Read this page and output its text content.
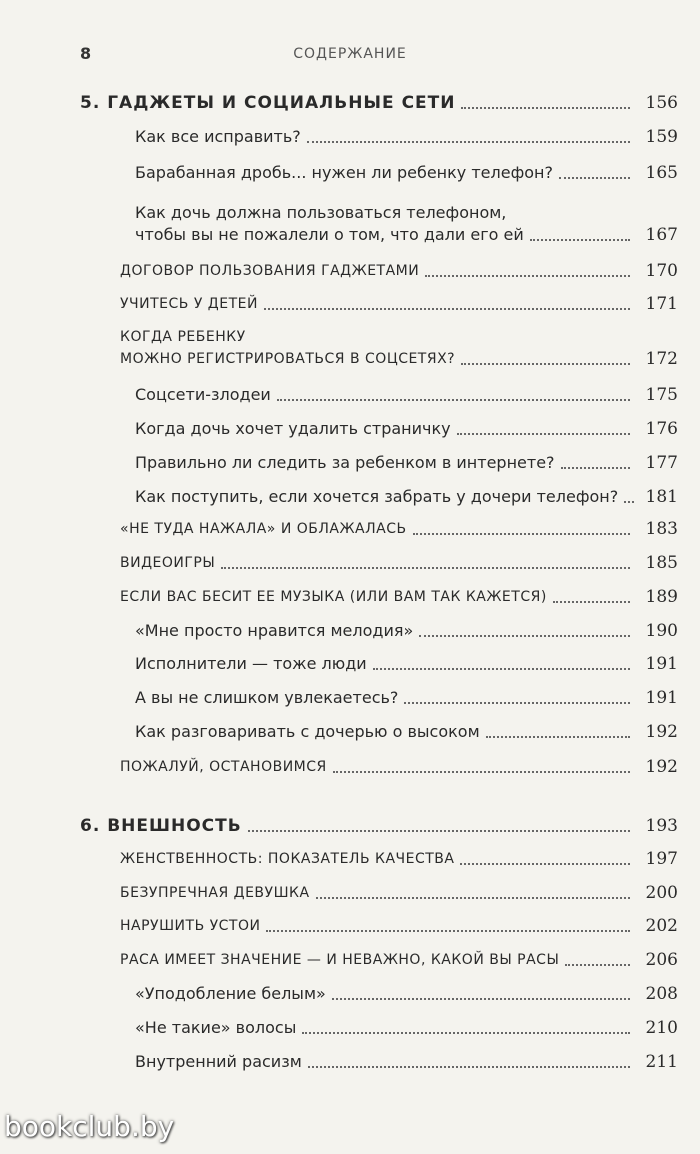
8	СОДЕРЖАНИЕ
5. ГАДЖЕТЫ И СОЦИАЛЬНЫЕ СЕТИ	156
Как все исправить?	159
Барабанная дробь... нужен ли ребенку телефон?	165
Как дочь должна пользоваться телефоном,
чтобы вы не пожалели о том, что дали его ей	167
ДОГОВОР ПОЛЬЗОВАНИЯ ГАДЖЕТАМИ	170
УЧИТЕСЬ У ДЕТЕЙ	171
КОГДА РЕБЕНКУ
МОЖНО РЕГИСТРИРОВАТЬСЯ В СОЦСЕТЯХ?	172
Соцсети-злодеи	175
Когда дочь хочет удалить страничку	176
Правильно ли следить за ребенком в интернете?	177
Как поступить, если хочется забрать у дочери телефон?	181
«НЕ ТУДА НАЖАЛА» И ОБЛАЖАЛАСЬ	183
ВИДЕОИГРЫ	185
ЕСЛИ ВАС БЕСИТ ЕЕ МУЗЫКА (ИЛИ ВАМ ТАК КАЖЕТСЯ)	189
«Мне просто нравится мелодия»	190
Исполнители — тоже люди	191
А вы не слишком увлекаетесь?	191
Как разговаривать с дочерью о высоком	192
ПОЖАЛУЙ, ОСТАНОВИМСЯ	192
6. ВНЕШНОСТЬ	193
ЖЕНСТВЕННОСТЬ: ПОКАЗАТЕЛЬ КАЧЕСТВА	197
БЕЗУПРЕЧНАЯ ДЕВУШКА	200
НАРУШИТЬ УСТОИ	202
РАСА ИМЕЕТ ЗНАЧЕНИЕ — И НЕВАЖНО, КАКОЙ ВЫ РАСЫ	206
«Уподобление белым»	208
«Не такие» волосы	210
Внутренний расизм	211
bookclub.by
